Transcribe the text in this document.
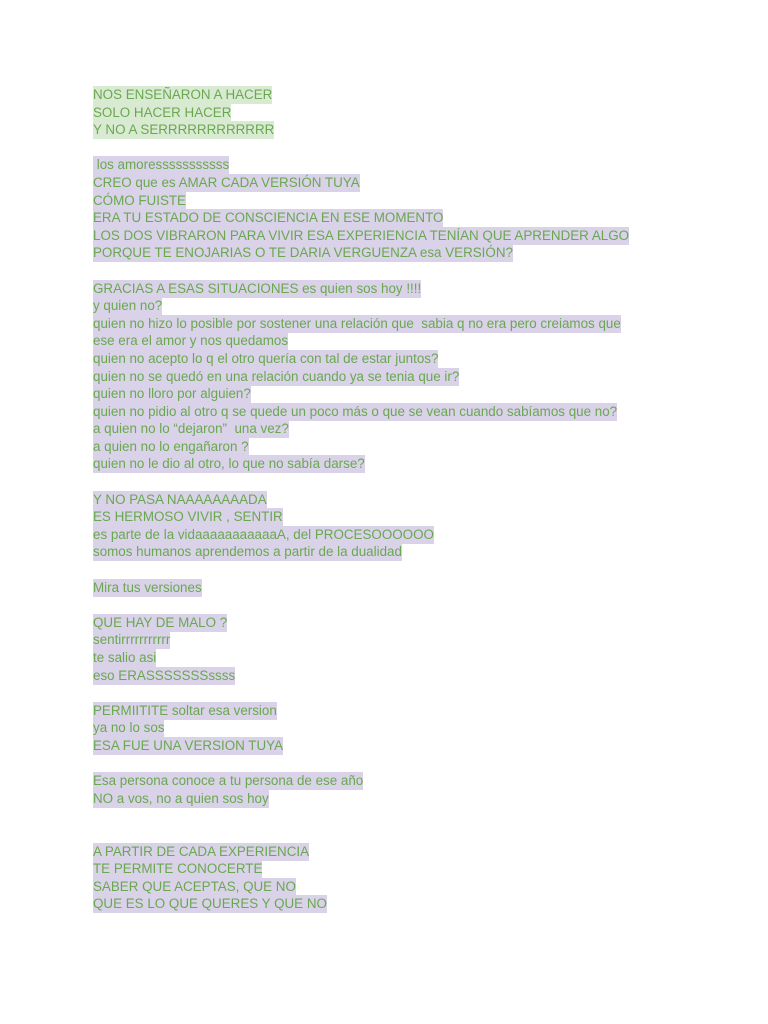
NOS ENSEÑARON A HACER
SOLO HACER HACER
Y NO A SERRRRRRRRRRRR
los amoresssssssssss
CREO que es AMAR CADA VERSIÓN TUYA
CÓMO FUISTE
ERA TU ESTADO DE CONSCIENCIA EN ESE MOMENTO
LOS DOS VIBRARON PARA VIVIR ESA EXPERIENCIA TENÍAN QUE APRENDER ALGO
PORQUE TE ENOJARIAS O TE DARIA VERGUENZA esa VERSIÓN?
GRACIAS A ESAS SITUACIONES es quien sos hoy !!!!
y quien no?
quien no hizo lo posible por sostener una relación que  sabia q no era pero creiamos que
ese era el amor y nos quedamos
quien no acepto lo q el otro quería con tal de estar juntos?
quien no se quedó en una relación cuando ya se tenia que ir?
quien no lloro por alguien?
quien no pidio al otro q se quede un poco más o que se vean cuando sabíamos que no?
a quien no lo “dejaron”  una vez?
a quien no lo engañaron ?
quien no le dio al otro, lo que no sabía darse?
Y NO PASA NAAAAAAAADA
ES HERMOSO VIVIR , SENTIR
es parte de la vidaaaaaaaaaaaA, del PROCESOOOOOO
somos humanos aprendemos a partir de la dualidad
Mira tus versiones
QUE HAY DE MALO ?
sentirrrrrrrrrrr
te salio asi
eso ERASSSSSSSssss
PERMIITITE soltar esa version
ya no lo sos
ESA FUE UNA VERSION TUYA
Esa persona conoce a tu persona de ese año
NO a vos, no a quien sos hoy
A PARTIR DE CADA EXPERIENCIA
TE PERMITE CONOCERTE
SABER QUE ACEPTAS, QUE NO
QUE ES LO QUE QUERES Y QUE NO
